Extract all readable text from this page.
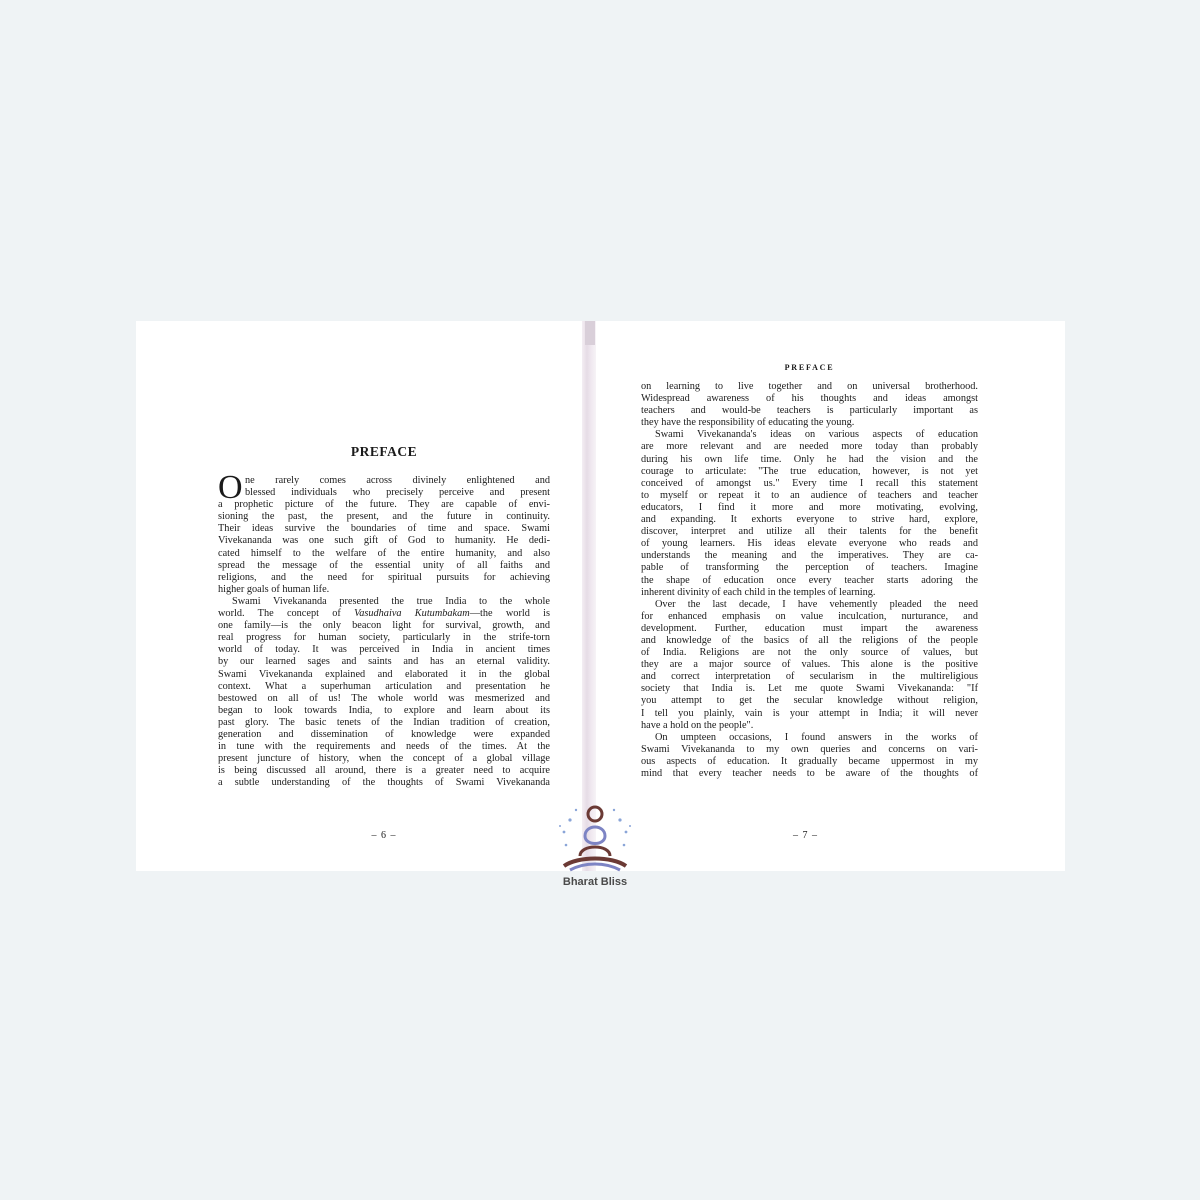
PREFACE
ne rarely comes across divinely enlightened and
blessed individuals who precisely perceive and present
a prophetic picture of the future. They are capable of envi-
sioning the past, the present, and the future in continuity.
Their ideas survive the boundaries of time and space. Swami
Vivekananda was one such gift of God to humanity. He dedi-
cated himself to the welfare of the entire humanity, and also
spread the message of the essential unity of all faiths and
religions, and the need for spiritual pursuits for achieving
higher goals of human life.
Swami Vivekananda presented the true India to the whole
world. The concept of Vasudhaiva Kutumbakam—the world is
one family—is the only beacon light for survival, growth, and
real progress for human society, particularly in the strife-torn
world of today. It was perceived in India in ancient times
by our learned sages and saints and has an eternal validity.
Swami Vivekananda explained and elaborated it in the global
context. What a superhuman articulation and presentation he
bestowed on all of us! The whole world was mesmerized and
began to look towards India, to explore and learn about its
past glory. The basic tenets of the Indian tradition of creation,
generation and dissemination of knowledge were expanded
in tune with the requirements and needs of the times. At the
present juncture of history, when the concept of a global village
is being discussed all around, there is a greater need to acquire
a subtle understanding of the thoughts of Swami Vivekananda
O
– 6 –
PREFACE
on learning to live together and on universal brotherhood.
Widespread awareness of his thoughts and ideas amongst
teachers and would-be teachers is particularly important as
they have the responsibility of educating the young.
Swami Vivekananda's ideas on various aspects of education
are more relevant and are needed more today than probably
during his own life time. Only he had the vision and the
courage to articulate: "The true education, however, is not yet
conceived of amongst us." Every time I recall this statement
to myself or repeat it to an audience of teachers and teacher
educators, I find it more and more motivating, evolving,
and expanding. It exhorts everyone to strive hard, explore,
discover, interpret and utilize all their talents for the benefit
of young learners. His ideas elevate everyone who reads and
understands the meaning and the imperatives. They are ca-
pable of transforming the perception of teachers. Imagine
the shape of education once every teacher starts adoring the
inherent divinity of each child in the temples of learning.
Over the last decade, I have vehemently pleaded the need
for enhanced emphasis on value inculcation, nurturance, and
development. Further, education must impart the awareness
and knowledge of the basics of all the religions of the people
of India. Religions are not the only source of values, but
they are a major source of values. This alone is the positive
and correct interpretation of secularism in the multireligious
society that India is. Let me quote Swami Vivekananda: "If
you attempt to get the secular knowledge without religion,
I tell you plainly, vain is your attempt in India; it will never
have a hold on the people".
On umpteen occasions, I found answers in the works of
Swami Vivekananda to my own queries and concerns on vari-
ous aspects of education. It gradually became uppermost in my
mind that every teacher needs to be aware of the thoughts of
– 7 –
Bharat Bliss
